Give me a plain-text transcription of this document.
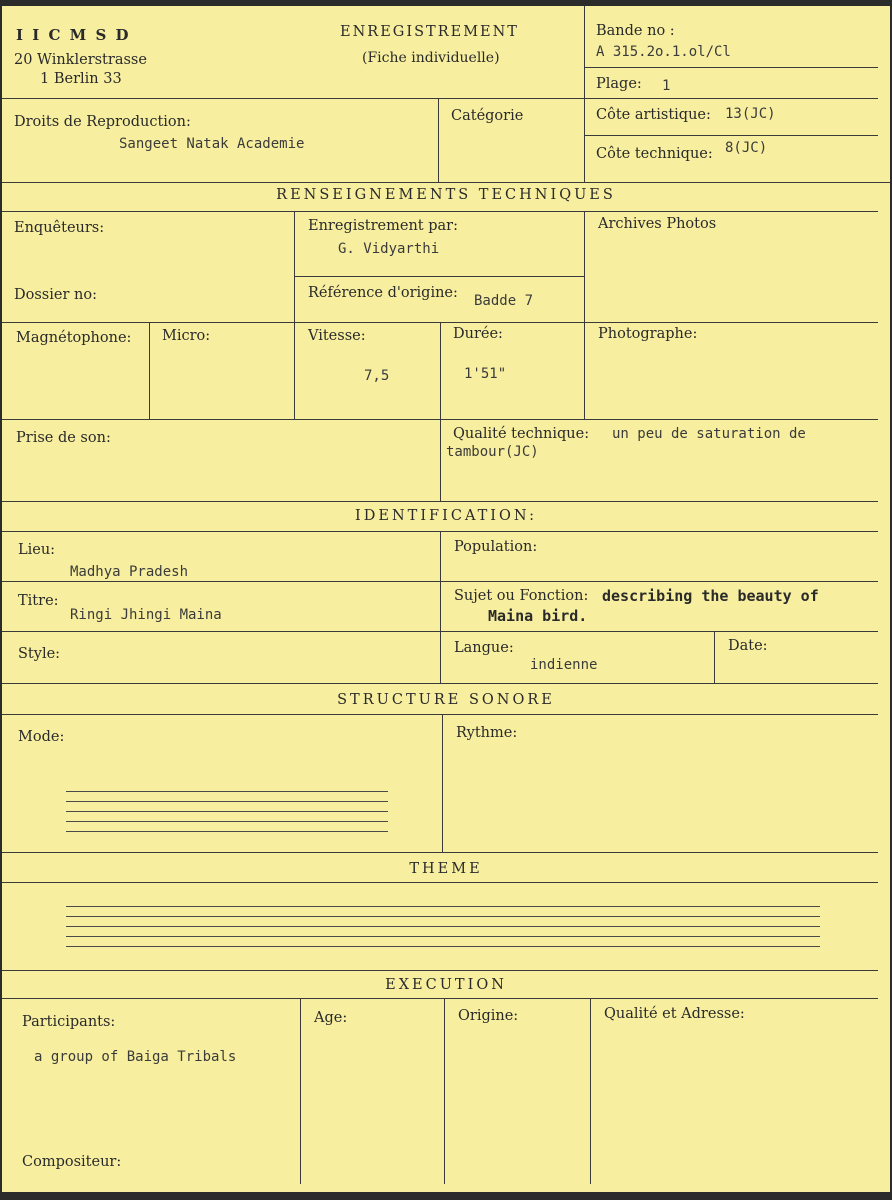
I I C M S D
20 Winklerstrasse
1 Berlin 33
ENREGISTREMENT
(Fiche individuelle)
Bande no :
A 315.2o.1.ol/Cl
Plage: 1
Droits de Reproduction:
Sangeet Natak Academie
Catégorie	Côte artistique: 13(JC)
Côte technique: 8(JC)
RENSEIGNEMENTS TECHNIQUES
Enquêteurs:	Enregistrement par:
G. Vidyarthi
Archives Photos
Dossier no:	Référence d'origine: Badde 7
Magnétophone: Micro:	Vitesse:
7,5
Durée:
1'51"
Photographe:
Prise de son:	Qualité technique: un peu de saturation de
tambour(JC)
IDENTIFICATION:
Lieu:
Madhya Pradesh
Population:
Titre:
Ringi Jhingi Maina
Sujet ou Fonction: describing the beauty of
Maina bird.
Style:	Langue:
indienne
Date:
STRUCTURE SONORE
Mode:	Rythme:
THEME
EXECUTION
Participants:
a group of Baiga Tribals
Age:	Origine:	Qualité et Adresse:
Compositeur:
